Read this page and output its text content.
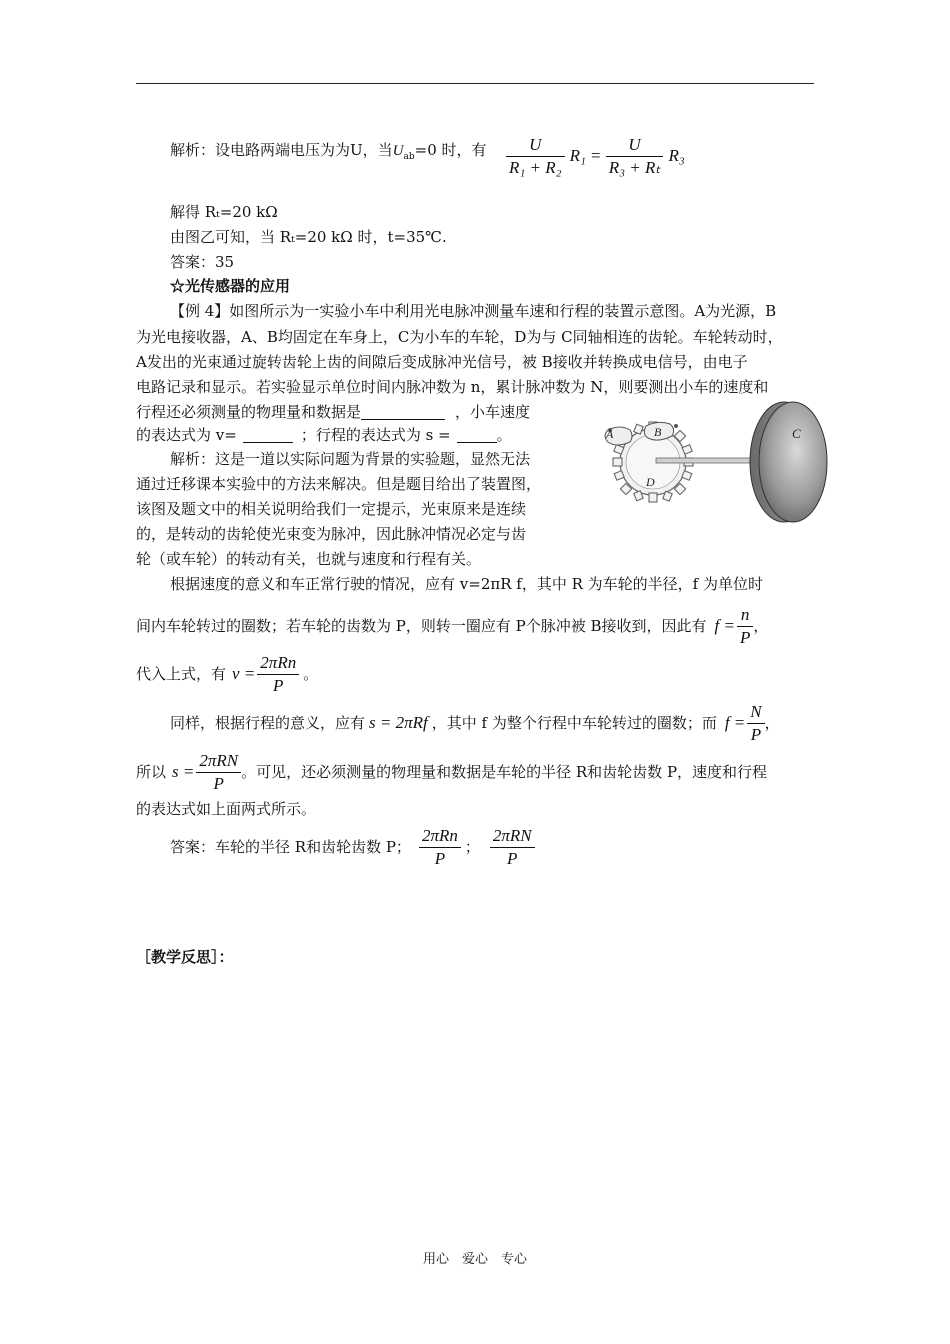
解析：设电路两端电压为为U，当$U_{ab}=0$ 时，有 $\frac{U}{\text{R₁ + R₂}} R_1 = \frac{U}{\text{R₃ + Rₜ}} R_3$
解得 Rₜ=20 kΩ
由图乙可知，当 Rₜ=20 kΩ 时，t=35℃.
答案：35
☆光传感器的应用
【例 4】如图所示为一实验小车中利用光电脉冲测量车速和行程的装置示意图。A为光源，B
为光电接收器，A、B均固定在车身上，C为小车的车轮，D为与 C同轴相连的齿轮。车轮转动时，
A发出的光束通过旋转齿轮上齿的间隙后变成脉冲光信号，被 B接收并转换成电信号，由电子
电路记录和显示。若实验显示单位时间内脉冲数为 n，累计脉冲数为 N，则要测出小车的速度和
行程还必须测量的物理量和数据是	，小车速度
的表达式为 v=	；行程的表达式为 s =	。	A	B	C
D
解析：这是一道以实际问题为背景的实验题，显然无法
通过迁移课本实验中的方法来解决。但是题目给出了装置图，
该图及题文中的相关说明给我们一定提示，光束原来是连续
的，是转动的齿轮使光束变为脉冲，因此脉冲情况必定与齿
轮（或车轮）的转动有关，也就与速度和行程有关。
根据速度的意义和车正常行驶的情况，应有 v=2πR f，其中 R 为车轮的半径，f 为单位时
间内车轮转过的圈数；若车轮的齿数为 P，则转一圈应有 P个脉冲被 B接收到，因此有 $f = \frac{n}{P}$ ，
代入上式，有 $v = \frac{\text{2πRn}}{P}$ 。
同样，根据行程的意义，应有 s = 2πRf ，其中 f 为整个行程中车轮转过的圈数；而 $f = \frac{N}{P}$ ，
所以 $s = \frac{\text{2πRN}}{P}$ 。可见，还必须测量的物理量和数据是车轮的半径 R和齿轮齿数 P，速度和行程
的表达式如上面两式所示。
答案：车轮的半径 R和齿轮齿数 P； $\frac{\text{2πRn}}{P}$ ； $\frac{\text{2πRN}}{P}$
［教学反思］：
用心　爱心　专心
